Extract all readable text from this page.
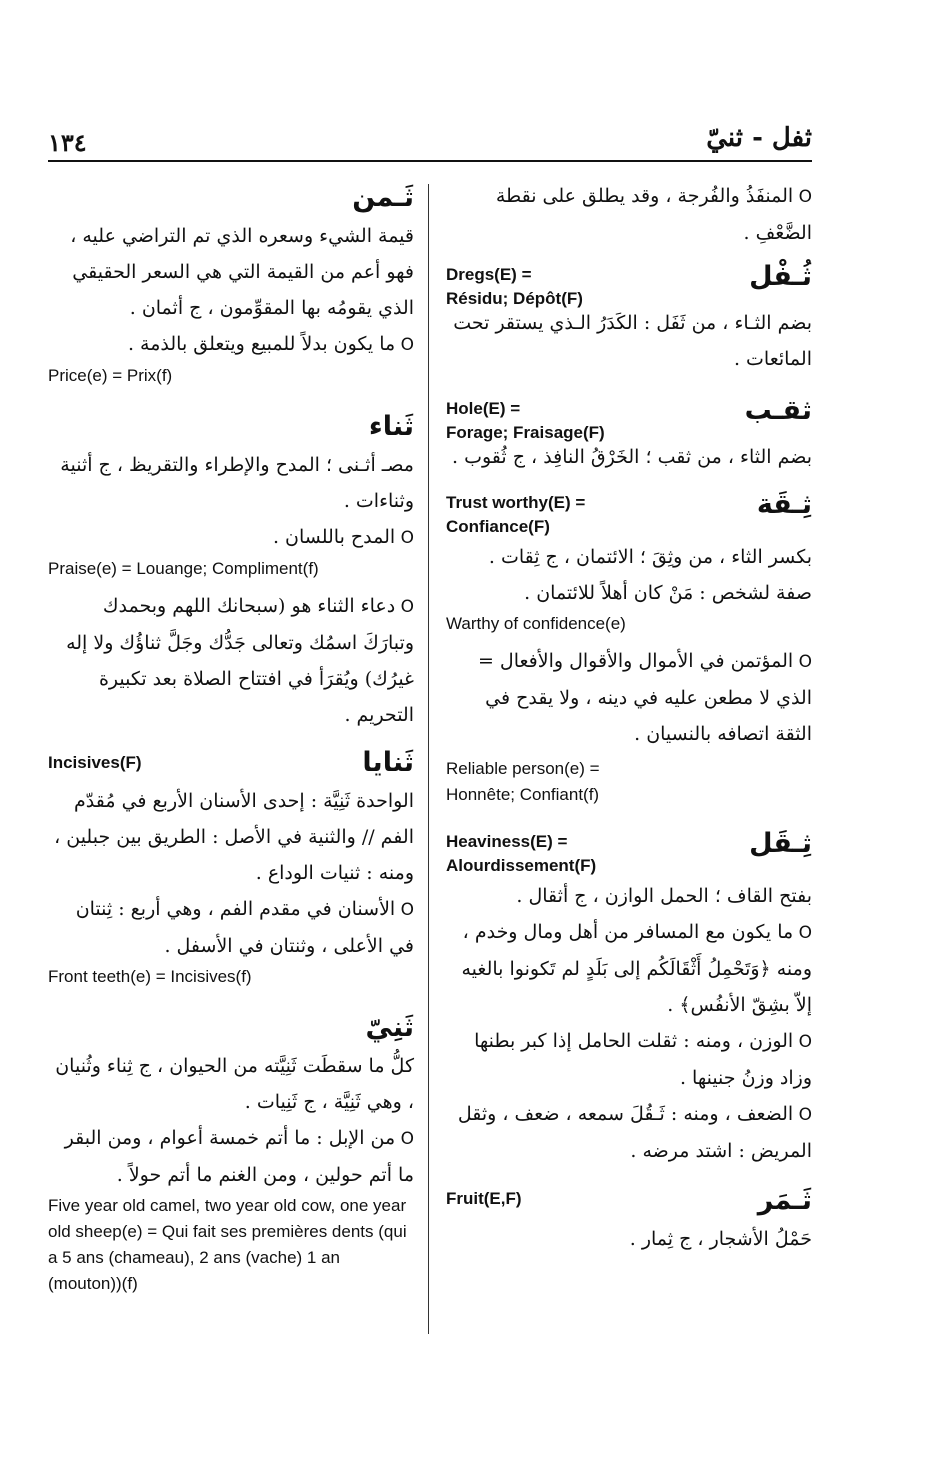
١٣٤	ثفل - ثنيّ

O المنفَذُ والفُرجة ، وقد يطلق على نقطة الضَّعْفِ .

ثُـفْل
Dregs(E) =
Résidu; Dépôt(F)

بضم الثـاء ، من ثَفَل : الكَدَرُ الـذي يستقر تحت المائعات .

ثقـب
Hole(E) =
Forage; Fraisage(F)

بضم الثاء ، من ثقب ؛ الخَرْقُ النافِذ ، ج ثُقوب .

ثِـقَة
Trust worthy(E) =
Confiance(F)

بكسر الثاء ، من وثِقَ ؛ الائتمان ، ج ثِقات .

صفة لشخص : مَنْ كان أهلاً للائتمان .

Warthy of confidence(e)

O المؤتمن في الأموال والأقوال والأفعال = الذي لا مطعن عليه في دينه ، ولا يقدح في الثقة اتصافه بالنسيان .

Reliable person(e) =
Honnête; Confiant(f)

ثِـقَل
Heaviness(E) =
Alourdissement(F)

بفتح القاف ؛ الحمل الوازن ، ج أثقال .

O ما يكون مع المسافر من أهل ومال وخدم ، ومنه ﴿وَتَحْمِلُ أَثْقَالَكُم إلى بَلَدٍ لم تَكونوا بالغيه إلاّ بشِقّ الأنفُس﴾ .

O الوزن ، ومنه : ثقلت الحامل إذا كبر بطنها وزاد وزنُ جنينها .

O الضعف ، ومنه : ثَـقُلَ سمعه ، ضعف ، وثقل المريض : اشتد مرضه .

ثَـمَر
Fruit(E,F)

حَمْلُ الأشجار ، ج ثِمار .

ثَـمن

قيمة الشيء وسعره الذي تم التراضي عليه ، فهو أعم من القيمة التي هي السعر الحقيقي الذي يقومُه بها المقوِّمون ، ج أثمان .

O ما يكون بدلاً للمبيع ويتعلق بالذمة .

Price(e) = Prix(f)

ثَناء

مصـ أثـنى ؛ المدح والإطراء والتقريظ ، ج أثنية وثناءات .

O المدح باللسان .

Praise(e) = Louange; Compliment(f)

O دعاء الثناء هو (سبحانك اللهم وبحمدك وتبارَكَ اسمُك وتعالى جَدُّك وجَلَّ ثناؤُك ولا إله غيرُك) ويُقرَأ في افتتاح الصلاة بعد تكبيرة التحريم .

ثَنايا
Incisives(F)

الواحدة ثَنِيَّة : إحدى الأسنان الأربع في مُقدّم الفم // والثنية في الأصل : الطريق بين جبلين ، ومنه : ثنيات الوداع .

O الأسنان في مقدم الفم ، وهي أربع : ثِنتان في الأعلى ، وثنتان في الأسفل .

Front teeth(e) = Incisives(f)

ثَنِيّ

كلُّ ما سقطَت ثَنِيَّته من الحيوان ، ج ثِناء وثُنيان ، وهي ثَنِيَّة ، ج ثَنِيات .

O من الإبل : ما أتم خمسة أعوام ، ومن البقر ما أتم حولين ، ومن الغنم ما أتم حولاً .

Five year old camel, two year old cow, one year old sheep(e) = Qui fait ses premières dents (qui a 5 ans (chameau), 2 ans (vache) 1 an (mouton))(f)
